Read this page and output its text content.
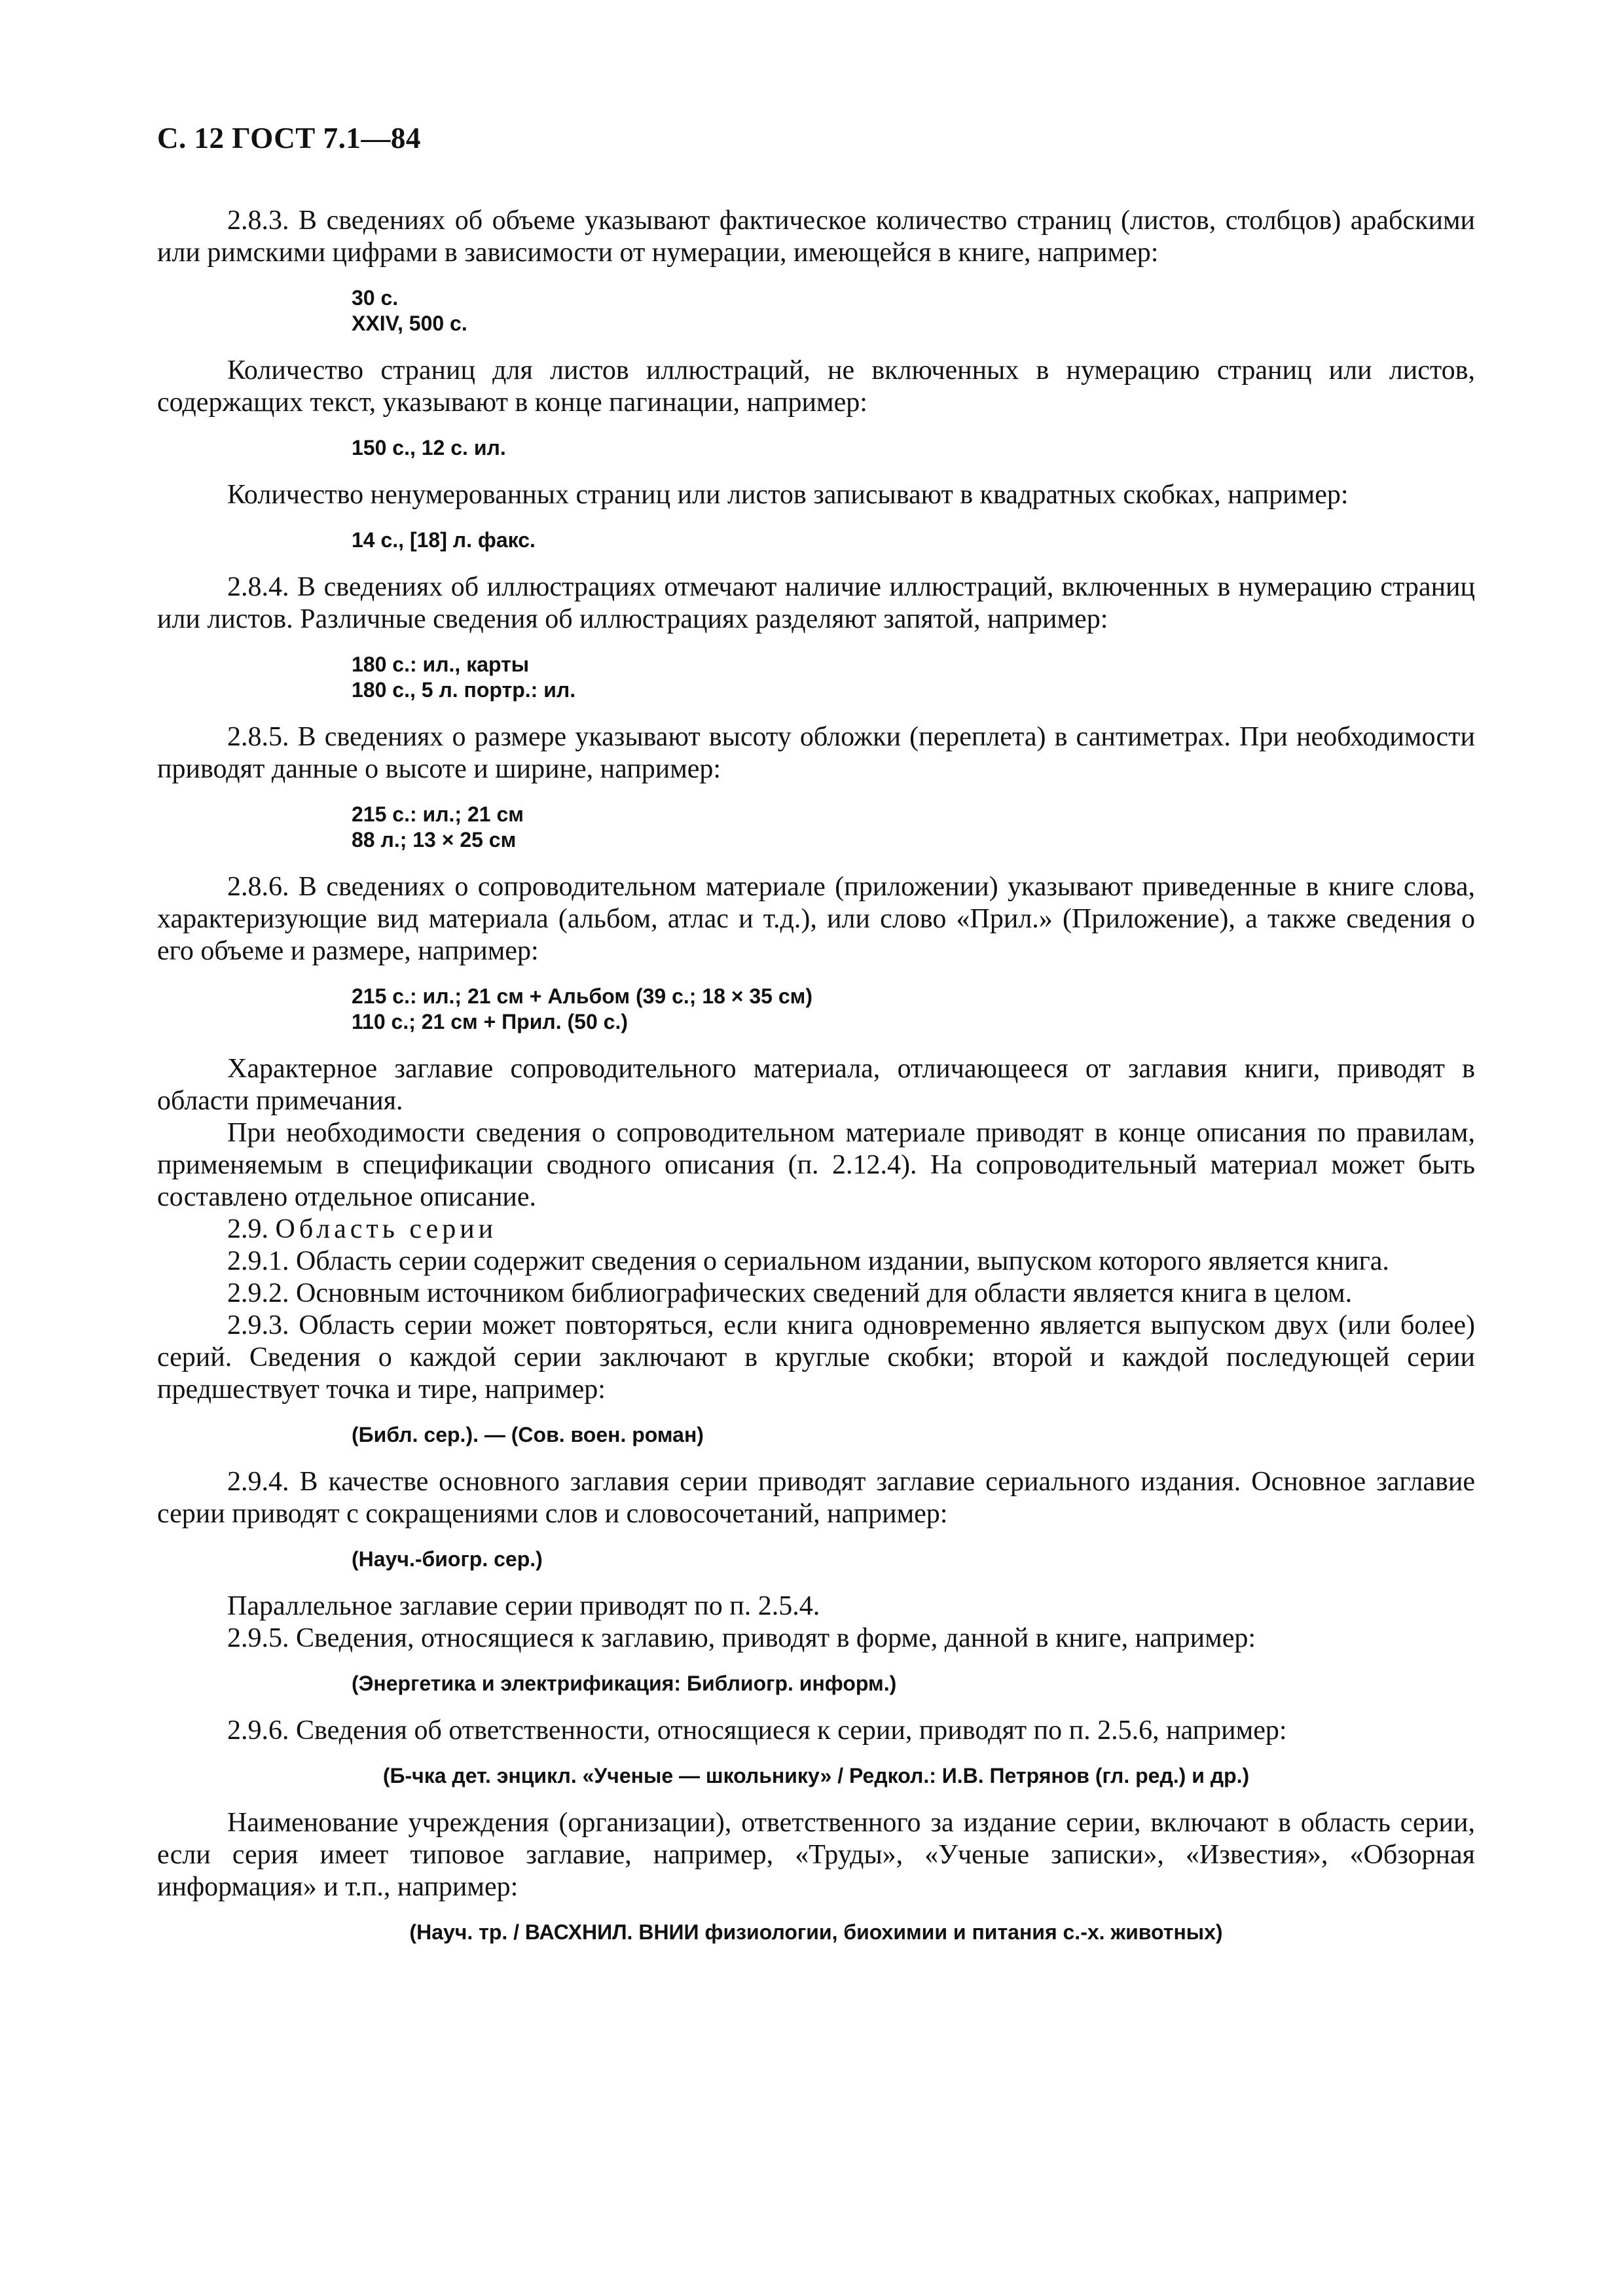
С. 12 ГОСТ 7.1—84

2.8.3. В сведениях об объеме указывают фактическое количество страниц (листов, столбцов) арабскими или римскими цифрами в зависимости от нумерации, имеющейся в книге, например:

30 с.
XXIV, 500 с.

Количество страниц для листов иллюстраций, не включенных в нумерацию страниц или листов, содержащих текст, указывают в конце пагинации, например:

150 с., 12 с. ил.

Количество ненумерованных страниц или листов записывают в квадратных скобках, например:

14 с., [18] л. факс.

2.8.4. В сведениях об иллюстрациях отмечают наличие иллюстраций, включенных в нумерацию страниц или листов. Различные сведения об иллюстрациях разделяют запятой, например:

180 с.: ил., карты
180 с., 5 л. портр.: ил.

2.8.5. В сведениях о размере указывают высоту обложки (переплета) в сантиметрах. При необходимости приводят данные о высоте и ширине, например:

215 с.: ил.; 21 см
88 л.; 13 × 25 см

2.8.6. В сведениях о сопроводительном материале (приложении) указывают приведенные в книге слова, характеризующие вид материала (альбом, атлас и т.д.), или слово «Прил.» (Приложение), а также сведения о его объеме и размере, например:

215 с.: ил.; 21 см + Альбом (39 с.; 18 × 35 см)
110 с.; 21 см + Прил. (50 с.)

Характерное заглавие сопроводительного материала, отличающееся от заглавия книги, приводят в области примечания.

При необходимости сведения о сопроводительном материале приводят в конце описания по правилам, применяемым в спецификации сводного описания (п. 2.12.4). На сопроводительный материал может быть составлено отдельное описание.

2.9. Область серии

2.9.1. Область серии содержит сведения о сериальном издании, выпуском которого является книга.

2.9.2. Основным источником библиографических сведений для области является книга в целом.

2.9.3. Область серии может повторяться, если книга одновременно является выпуском двух (или более) серий. Сведения о каждой серии заключают в круглые скобки; второй и каждой последующей серии предшествует точка и тире, например:

(Библ. сер.). — (Сов. воен. роман)

2.9.4. В качестве основного заглавия серии приводят заглавие сериального издания. Основное заглавие серии приводят с сокращениями слов и словосочетаний, например:

(Науч.-биогр. сер.)

Параллельное заглавие серии приводят по п. 2.5.4.

2.9.5. Сведения, относящиеся к заглавию, приводят в форме, данной в книге, например:

(Энергетика и электрификация: Библиогр. информ.)

2.9.6. Сведения об ответственности, относящиеся к серии, приводят по п. 2.5.6, например:

(Б-чка дет. энцикл. «Ученые — школьнику» / Редкол.: И.В. Петрянов (гл. ред.) и др.)

Наименование учреждения (организации), ответственного за издание серии, включают в область серии, если серия имеет типовое заглавие, например, «Труды», «Ученые записки», «Известия», «Обзорная информация» и т.п., например:

(Науч. тр. / ВАСХНИЛ. ВНИИ физиологии, биохимии и питания с.-х. животных)
